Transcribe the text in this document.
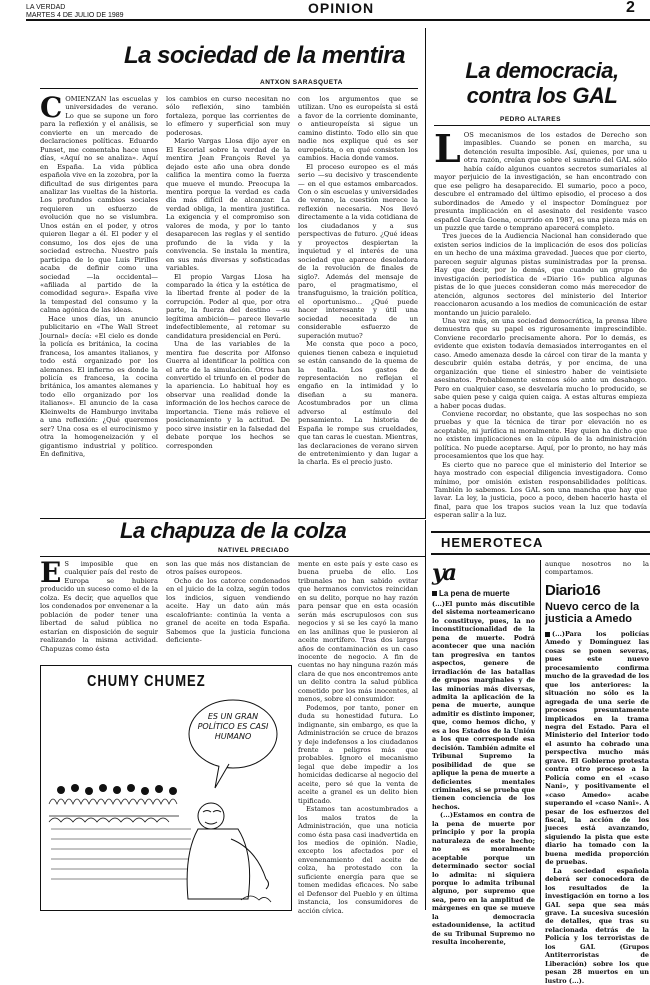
LA VERDAD
MARTES 4 DE JULIO DE 1989	OPINION	2
La sociedad de la mentira
ANTXON SARASQUETA
C OMIENZAN las escuelas y universidades de verano. Lo que se supone un foro para la reflexión y el análisis, se convierte en un mercado de declaraciones políticas. Eduardo Punset, me comentaba hace unos días, «Aquí no se analiza». Aquí en España. La vida pública española vive en la zozobra, por la dificultad de sus dirigentes para analizar las vueltas de la historia. Los profundos cambios sociales requieren un esfuerzo de evolución que no se vislumbra. Unos están en el poder, y otros quieren llegar a él. El poder y el consumo, los dos ejes de una sociedad estrecha. Nuestro país participa de lo que Luis Pirillos acaba de definir como una sociedad —la occidental— «afiliada al partido de la comodidad segura». España vive la tempestad del consumo y la calma agónica de las ideas.

Hace unos días, un anuncio publicitario en «The Wall Street Journal» decía: «El cielo es donde la policía es británica, la cocina francesa, los amantes italianos, y todo está organizado por los alemanes. El infierno es donde la policía es francesa, la cocina británica, los amantes alemanes y todo ello organizado por los italianos». El anuncio de la casa Kleinwelts de Hamburgo invitaba a una reflexión: ¿Qué queremos ser? Una cosa es el eurocinismo y otra la homogeneización y el gigantismo industrial y político. En definitiva,

los cambios en curso necesitan no sólo reflexión, sino también fortaleza, porque las corrientes de lo efímero y superficial son muy poderosas.

Mario Vargas Llosa dijo ayer en El Escorial sobre la verdad de la mentira Jean François Revel ya dejado este año una obra donde califica la mentira como la fuerza que mueve el mundo. Preocupa la mentira porque la verdad es cada día más difícil de alcanzar. La verdad obliga, la mentira justifica. La exigencia y el compromiso son valores de moda, y por lo tanto desaparecen las reglas y el sentido profundo de la vida y la convivencia. Se instala la mentira, en sus más diversas y sofisticadas variables.

El propio Vargas Llosa ha comparado la ética y la estética de la libertad frente al poder de la corrupción. Poder al que, por otra parte, la fuerza del destino —su legítima ambición— parece llevarle indefectiblemente, al retomar su candidatura presidencial en Perú.

Una de las variables de la mentira fue descrita por Alfonso Guerra al identificar la política con el arte de la simulación. Otros han convertido el triunfo en el poder de la apariencia. Lo habitual hoy es observar una realidad donde la información de los hechos carece de importancia. Tiene más relieve el posicionamiento y la actitud. De poco sirve insistir en la falsedad del debate porque los hechos se corresponden

con los argumentos que se utilizan. Uno es europeísta si está a favor de la corriente dominante, o antieuropeísta si sigue un camino distinto. Todo ello sin que nadie nos explique qué es ser europeísta, o en qué consisten los cambios. Hacia donde vamos.

El proceso europeo es el más serio —su decisivo y trascendente— en el que estamos embarcados. Con o sin escuelas y universidades de verano, la cuestión merece la reflexión necesaria. Nos llevó directamente a la vida cotidiana de los ciudadanos y a sus perspectivas de futuro. ¿Qué ideas y proyectos despiertan la inquietud y el interés de una sociedad que aparece desoladora de la revolución de finales de siglo?. Además del mensaje de paro, el pragmatismo, el transfuguismo, la traición política, el oportunismo... ¿Qué puede hacer interesante y útil una sociedad necesitada de un considerable esfuerzo de superación mutuo?

Me consta que poco a poco, quienes tienen cabeza e inquietud se están cansando de la quema de la toalla. Los gastos de representación no reflejan el engaño en la intimidad y lo diseñan a su manera. Acostumbrados por un clima adverso al estímulo del pensamiento. La historia de España le rompe sus crueldades, que tan caras le cuestan. Mientras, las declaraciones de verano sirven de entretenimiento y dan lugar a la charla. Es el precio justo.

La democracia, contra los GAL
PEDRO ALTARES
L OS mecanismos de los estados de Derecho son impasibles. Cuando se ponen en marcha, su detención resulta imposible. Así, quienes, por una u otra razón, creían que sobre el sumario del GAL sólo había caído algunos cuantos secretos sumariales al mayor perjuicio de la investigación, se han encontrado con que ese peligro ha desaparecido. El sumario, poco a poco, descubre el entramado del último episodio, el proceso a dos subordinados de Amedo y el inspector Domínguez por presunta implicación en el asesinato del residente vasco español García Goena, ocurrido en 1987, es una pieza más en un puzzle que tarde o temprano aparecerá completo.

Tres jueces de la Audiencia Nacional han considerado que existen serios indicios de la implicación de esos dos policías en un hecho de una máxima gravedad. Jueces que por cierto, parecen seguir algunas pistas suministradas por la prensa. Hay que decir, por lo demás, que cuando un grupo de investigación periodística de «Diario 16» publica algunas pistas de lo que jueces consideran como más merecedor de atención, algunos sectores del ministerio del Interior reaccionaron acusando a los medios de comunicación de estar montando un juicio paralelo.

Una vez más, en una sociedad democrática, la prensa libre demuestra que su papel es rigurosamente imprescindible. Conviene recordarlo precisamente ahora. Por lo demás, es evidente que existen todavía demasiados interrogantes en el caso. Amedo amenaza desde la cárcel con tirar de la manta y descubrir quién estaba detrás, y por encima, de una organización que tiene el siniestro haber de veintisiete asesinatos. Probablemente estemos sólo ante un desahogo. Pero en cualquier caso, se desvelaría mucho lo producido, se sabe quien pese y caiga quien caiga. A estas alturas empieza a haber pocas dudas.

Conviene recordar, no obstante, que las sospechas no son pruebas y que la técnica de tirar por elevación no es aceptable, ni jurídica ni moralmente. Hay quien ha dicho que no existen implicaciones en la cúpula de la administración política. No puede aceptarse. Aquí, por lo pronto, no hay más procesamientos que los que hay.

Es cierto que no parece que el ministerio del Interior se haya mostrado con especial diligencia investigadora. Como mínimo, por omisión existen responsabilidades políticas. También lo sabemos. Los GAL son una mancha que hay que lavar. La ley, la justicia, poco a poco, deben hacerlo hasta el final, para que los trapos sucios vean la luz que todavía esperan salir a la luz.

La chapuza de la colza
NATIVEL PRECIADO
E S imposible que en cualquier país del resto de Europa se hubiera producido un suceso como el de la colza. Es decir, que aquellos que los condenados por envenenar a la población de poder tener una libertad de salud pública no estarían en disposición de seguir realizando la misma actividad. Chapuzas como ésta

son las que más nos distancian de otros países europeos.

Ocho de los catorce condenados en el juicio de la colza, según todos los indicios, siguen vendiendo aceite. Hay un dato aún más escalofriante: continúa la venta a granel de aceite en toda España. Sabemos que la justicia funciona deficiente-

mente en este país y este caso es buena prueba de ello. Los tribunales no han sabido evitar que hermanos convictos reincidan en su delito, porque no hay razón para pensar que en esta ocasión serán más escrupulosos con sus negocios y si se les cayó la mano en las anilinas que le pusieron al aceite mortífero. Tras dos largos años de contaminación es un caso inocente de negocio. A fin de cuentas no hay ninguna razón más clara de que nos encontremos ante un delito contra la salud pública cometido por los más inocentes, al menos, sobre el consumidor.

Podemos, por tanto, poner en duda su honestidad futura. Lo indignante, sin embargo, es que la Administración se cruce de brazos y deje indefensos a los ciudadanos frente a peligros más que probables. Ignoro el mecanismo legal que debe impedir a los homicidas dedicarse al negocio del aceite, pero sé que la venta de aceite a granel es un delito bien tipificado.

Estamos tan acostumbrados a los malos tratos de la Administración, que una noticia como ésta pasa casi inadvertida en los medios de opinión. Nadie, excepto los afectados por el envenenamiento del aceite de colza, ha protestado con la suficiente energía para que se tomen medidas eficaces. No sabe el Defensor del Pueblo y en última instancia, los consumidores de acción cívica.

CHUMY CHUMEZ
ES UN GRAN POLÍTICO ES CASI HUMANO
HEMEROTECA
ya
La pena de muerte

(...)El punto más discutible del sistema norteamericano lo constituye, pues, la no inconstitucionalidad de la pena de muerte. Podrá acontecer que una nación tan progresiva en tantos aspectos, genere de irradiación de las batallas de grupos marginales y de las minorías más diversas, admita la aplicación de la pena de muerte, aunque admitir es distinto imponer, que, como hemos dicho, y es a los Estados de la Unión a los que corresponde esa decisión. También admite el Tribunal Supremo la posibilidad de que se aplique la pena de muerte a deficientes mentales criminales, si se prueba que tienen conciencia de los hechos.

(...)Estamos en contra de la pena de muerte por principio y por la propia naturaleza de este hecho; no es moralmente aceptable porque un determinado sector social lo admita: ni siquiera porque lo admita tribunal alguno, por supremo que sea, pero en la amplitud de márgenes en que se mueve la democracia estadounidense, la actitud de su Tribunal Supremo no resulta incoherente,

aunque nosotros no la compartamos.

Diario16
Nuevo cerco de la justicia a Amedo

(...)Para los policías Amedo y Domínguez las cosas se ponen severas, pues este nuevo procesamiento confirma mucho de la gravedad de los que los anteriores: la situación no sólo es la agregada de una serie de procesos presuntamente implicados en la trama negra del Estado. Para el Ministerio del Interior todo el asunto ha cobrado una perspectiva mucho más grave. El Gobierno protesta contra otro proceso a la Policía como en el «caso Nani», y positivamente el «caso Amedo» acabe superando el «caso Nani». A pesar de los esfuerzos del fiscal, la acción de los jueces está avanzando, siguiendo la pista que este diario ha tomado con la buena medida proporción de pruebas.

La sociedad española deberá ser conocedora de los resultados de la investigación en torno a los GAL sepa que sea más grave. La sucesiva sucesión de detalles, que tras su relacionada detrás de la Policía y los terroristas de los GAL (Grupos Antiterroristas de Liberación) sobre los que pesan 28 muertos en un lustro (...).
